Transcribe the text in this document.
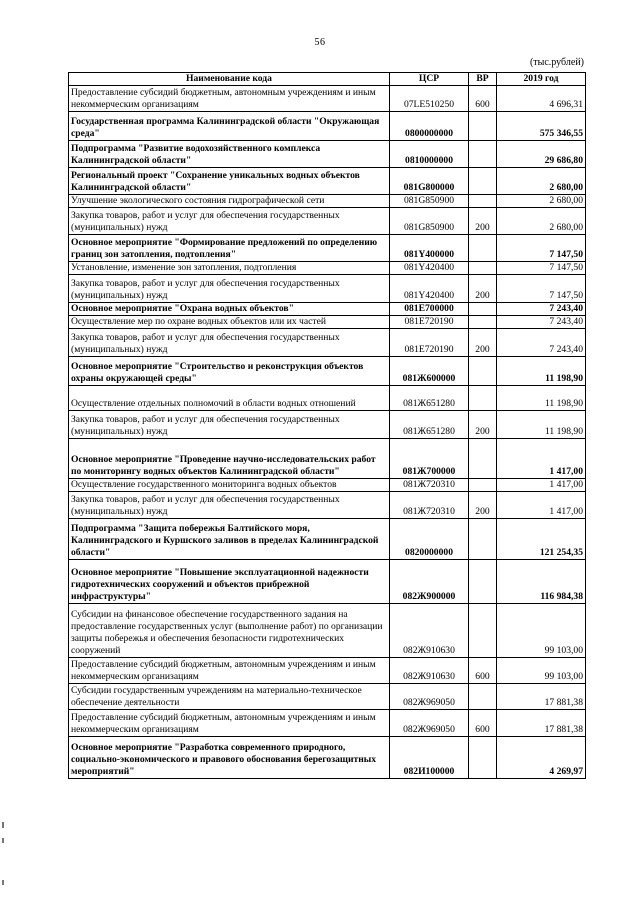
56
(тыс.рублей)
Наименование кода	ЦСР	ВР	2019 год
Предоставление субсидий бюджетным, автономным учреждениям и иным некоммерческим организациям	07LE510250	600	4 696,31
Государственная программа Калининградской области "Окружающая среда"	0800000000		575 346,55
Подпрограмма "Развитие водохозяйственного комплекса Калининградской области"	0810000000		29 686,80
Региональный проект "Сохранение уникальных водных объектов Калининградской области"	081G800000		2 680,00
Улучшение экологического состояния гидрографической сети	081G850900		2 680,00
Закупка товаров, работ и услуг для обеспечения государственных (муниципальных) нужд	081G850900	200	2 680,00
Основное мероприятие "Формирование предложений по определению границ зон затопления, подтопления"	081Y400000		7 147,50
Установление, изменение зон затопления, подтопления	081Y420400		7 147,50
Закупка товаров, работ и услуг для обеспечения государственных (муниципальных) нужд	081Y420400	200	7 147,50
Основное мероприятие "Охрана водных объектов"	081E700000		7 243,40
Осуществление мер по охране водных объектов или их частей	081E720190		7 243,40
Закупка товаров, работ и услуг для обеспечения государственных (муниципальных) нужд	081E720190	200	7 243,40
Основное мероприятие "Строительство и реконструкция объектов охраны окружающей среды"	081Ж600000		11 198,90
Осуществление отдельных полномочий в области водных отношений	081Ж651280		11 198,90
Закупка товаров, работ и услуг для обеспечения государственных (муниципальных) нужд	081Ж651280	200	11 198,90
Основное мероприятие "Проведение научно-исследовательских работ по мониторингу водных объектов Калининградской области"	081Ж700000		1 417,00
Осуществление государственного мониторинга водных объектов	081Ж720310		1 417,00
Закупка товаров, работ и услуг для обеспечения государственных (муниципальных) нужд	081Ж720310	200	1 417,00
Подпрограмма "Защита побережья Балтийского моря, Калининградского и Куршского заливов в пределах Калининградской области"	0820000000		121 254,35
Основное мероприятие "Повышение эксплуатационной надежности гидротехнических сооружений и объектов прибрежной инфраструктуры"	082Ж900000		116 984,38
Субсидии на финансовое обеспечение государственного задания на предоставление государственных услуг (выполнение работ) по организации защиты побережья и обеспечения безопасности гидротехнических сооружений	082Ж910630		99 103,00
Предоставление субсидий бюджетным, автономным учреждениям и иным некоммерческим организациям	082Ж910630	600	99 103,00
Субсидии государственным учреждениям на материально-техническое обеспечение деятельности	082Ж969050		17 881,38
Предоставление субсидий бюджетным, автономным учреждениям и иным некоммерческим организациям	082Ж969050	600	17 881,38
Основное мероприятие "Разработка современного природного, социально-экономического и правового обоснования берегозащитных мероприятий"	082И100000		4 269,97
